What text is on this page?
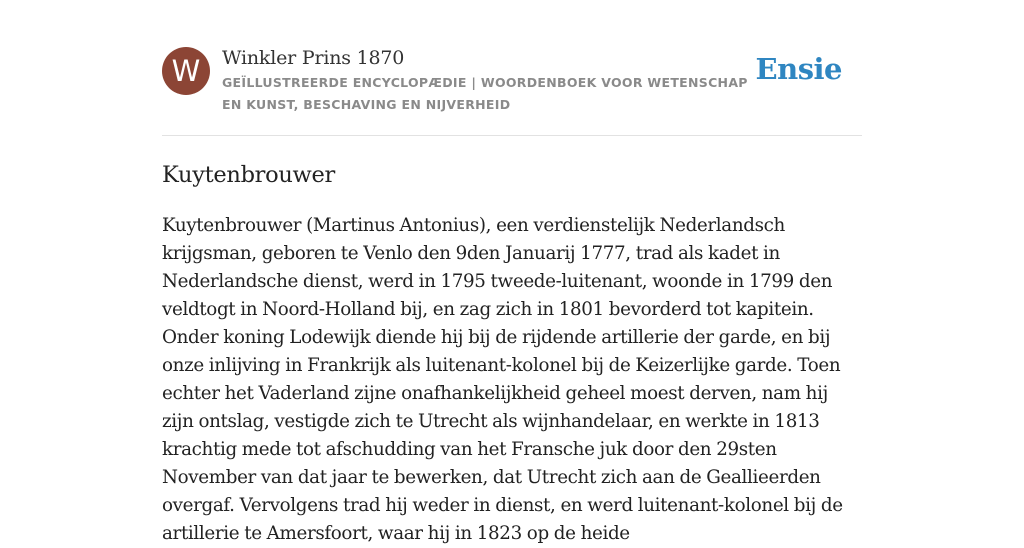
W	Winkler Prins 1870
GEÏLLUSTREERDE ENCYCLOPÆDIE | WOORDENBOEK VOOR WETENSCHAP EN KUNST, BESCHAVING EN NIJVERHEID
Ensie
Kuytenbrouwer

Kuytenbrouwer (Martinus Antonius), een verdienstelijk Nederlandsch krijgsman, geboren te Venlo den 9den Januarij 1777, trad als kadet in Nederlandsche dienst, werd in 1795 tweede-luitenant, woonde in 1799 den veldtogt in Noord-Holland bij, en zag zich in 1801 bevorderd tot kapitein. Onder koning Lodewijk diende hij bij de rijdende artillerie der garde, en bij onze inlijving in Frankrijk als luitenant-kolonel bij de Keizerlijke garde. Toen echter het Vaderland zijne onafhankelijkheid geheel moest derven, nam hij zijn ontslag, vestigde zich te Utrecht als wijnhandelaar, en werkte in 1813 krachtig mede tot afschudding van het Fransche juk door den 29sten November van dat jaar te bewerken, dat Utrecht zich aan de Geallieerden overgaf. Vervolgens trad hij weder in dienst, en werd luitenant-kolonel bij de artillerie te Amersfoort, waar hij in 1823 op de heide
